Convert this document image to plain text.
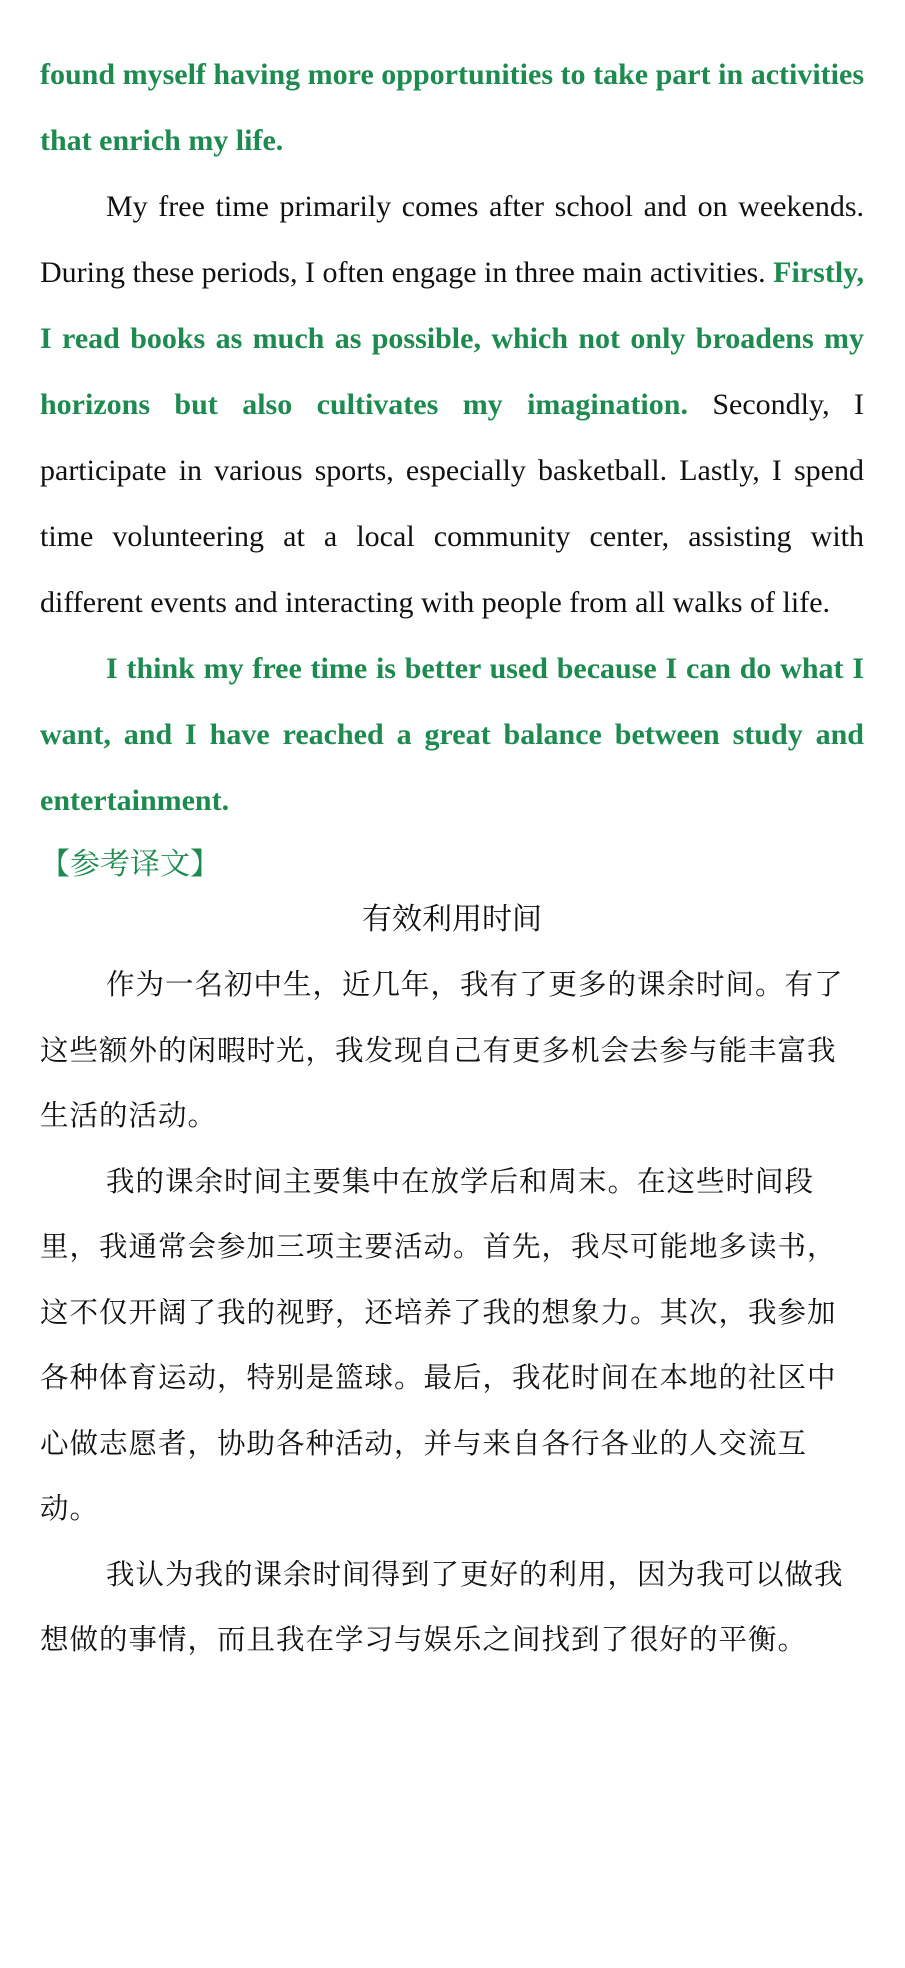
found myself having more opportunities to take part in activities that enrich my life.

My free time primarily comes after school and on weekends. During these periods, I often engage in three main activities. Firstly, I read books as much as possible, which not only broadens my horizons but also cultivates my imagination. Secondly, I participate in various sports, especially basketball. Lastly, I spend time volunteering at a local community center, assisting with different events and interacting with people from all walks of life.

I think my free time is better used because I can do what I want, and I have reached a great balance between study and entertainment.

【参考译文】
有效利用时间

作为一名初中生，近几年，我有了更多的课余时间。有了这些额外的闲暇时光，我发现自己有更多机会去参与能丰富我生活的活动。

我的课余时间主要集中在放学后和周末。在这些时间段里，我通常会参加三项主要活动。首先，我尽可能地多读书，这不仅开阔了我的视野，还培养了我的想象力。其次，我参加各种体育运动，特别是篮球。最后，我花时间在本地的社区中心做志愿者，协助各种活动，并与来自各行各业的人交流互动。

我认为我的课余时间得到了更好的利用，因为我可以做我想做的事情，而且我在学习与娱乐之间找到了很好的平衡。
